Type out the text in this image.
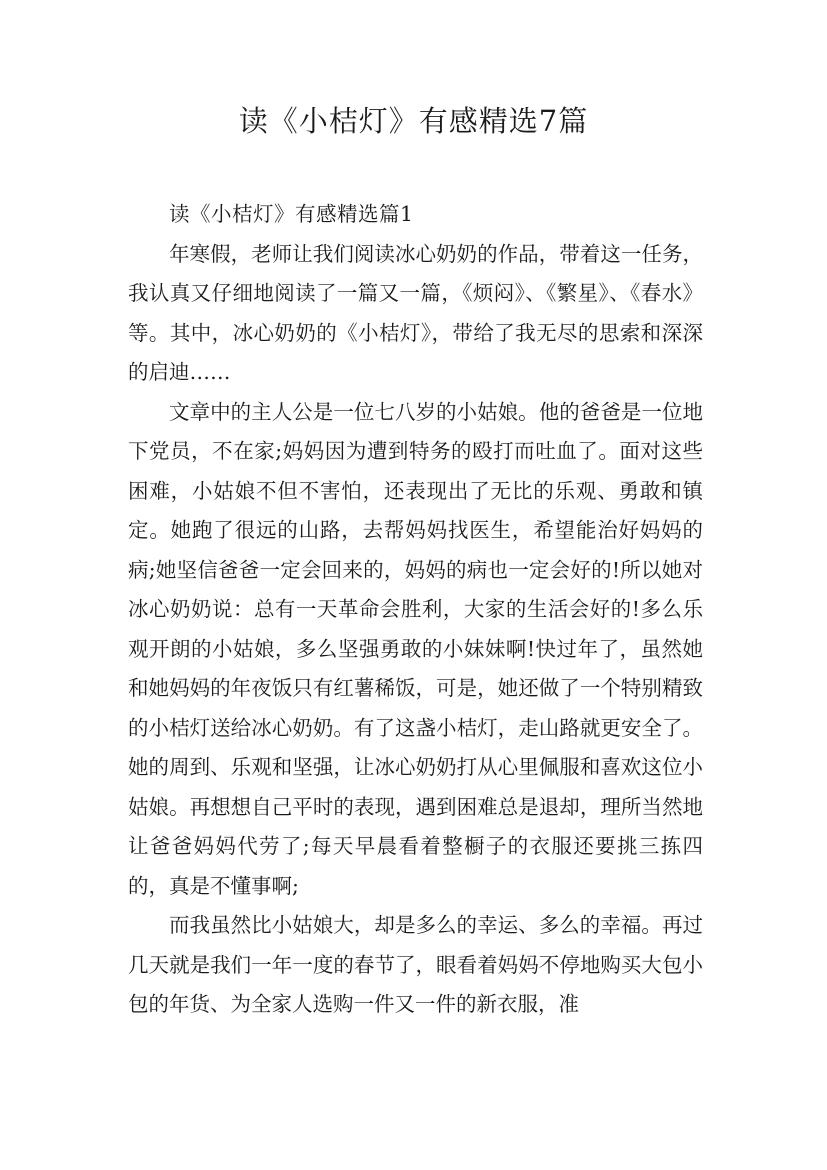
读《小桔灯》有感精选7篇

读《小桔灯》有感精选篇1

年寒假，老师让我们阅读冰心奶奶的作品，带着这一任务，我认真又仔细地阅读了一篇又一篇，《烦闷》、《繁星》、《春水》等。其中，冰心奶奶的《小桔灯》，带给了我无尽的思索和深深的启迪……

文章中的主人公是一位七八岁的小姑娘。他的爸爸是一位地下党员，不在家;妈妈因为遭到特务的殴打而吐血了。面对这些困难，小姑娘不但不害怕，还表现出了无比的乐观、勇敢和镇定。她跑了很远的山路，去帮妈妈找医生，希望能治好妈妈的病;她坚信爸爸一定会回来的，妈妈的病也一定会好的!所以她对冰心奶奶说：总有一天革命会胜利，大家的生活会好的!多么乐观开朗的小姑娘，多么坚强勇敢的小妹妹啊!快过年了，虽然她和她妈妈的年夜饭只有红薯稀饭，可是，她还做了一个特别精致的小桔灯送给冰心奶奶。有了这盏小桔灯，走山路就更安全了。她的周到、乐观和坚强，让冰心奶奶打从心里佩服和喜欢这位小姑娘。再想想自己平时的表现，遇到困难总是退却，理所当然地让爸爸妈妈代劳了;每天早晨看着整橱子的衣服还要挑三拣四的，真是不懂事啊;

而我虽然比小姑娘大，却是多么的幸运、多么的幸福。再过几天就是我们一年一度的春节了，眼看着妈妈不停地购买大包小包的年货、为全家人选购一件又一件的新衣服，准
